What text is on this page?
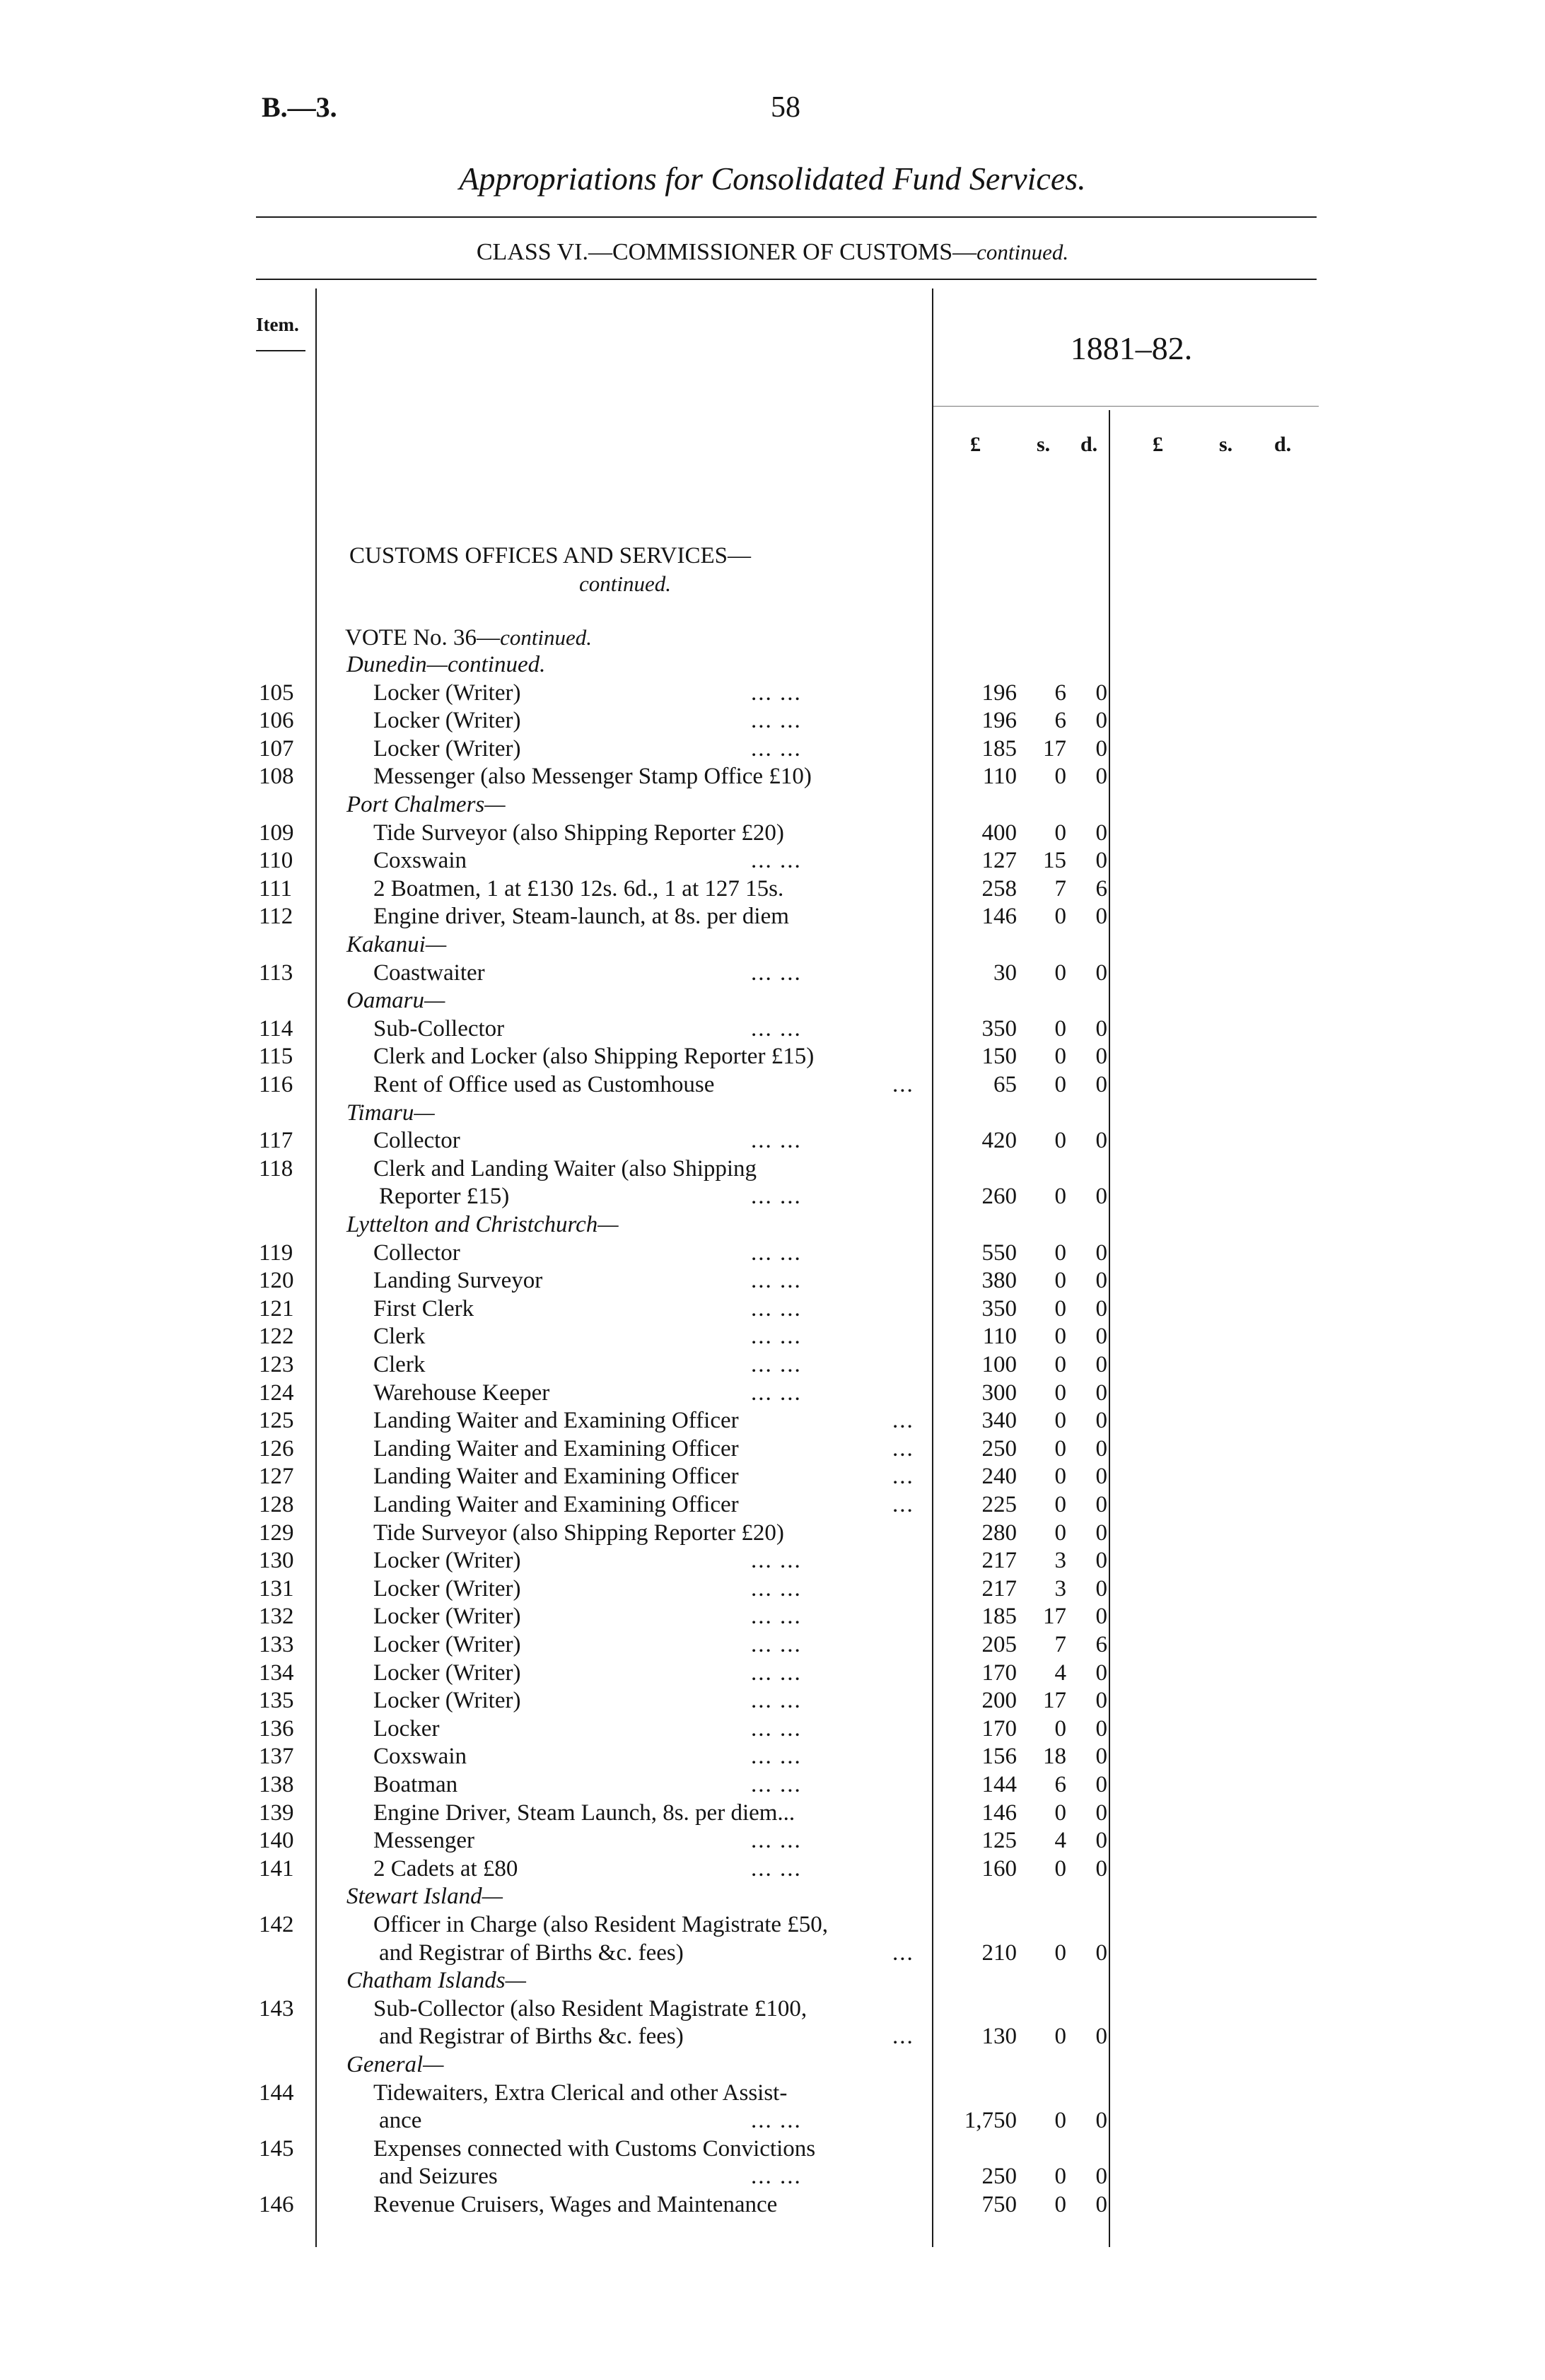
B.—3.	58
Appropriations for Consolidated Fund Services.
CLASS VI.—COMMISSIONER OF CUSTOMS—continued.
Item.
1881–82.
£	s. d.	£	s. d.
CUSTOMS OFFICES AND SERVICES—
continued.
VOTE No. 36—continued.
Dunedin—continued.
105	Locker (Writer)	... ...	196	6	0
106	Locker (Writer)	... ...	196	6	0
107	Locker (Writer)	... ...	185	17	0
108	Messenger (also Messenger Stamp Office £10)	110	0	0
Port Chalmers—
109	Tide Surveyor (also Shipping Reporter £20)	400	0	0
110	Coxswain	... ...	127	15	0
111	2 Boatmen, 1 at £130 12s. 6d., 1 at 127 15s.	258	7	6
112	Engine driver, Steam-launch, at 8s. per diem	146	0	0
Kakanui—
113	Coastwaiter	... ...	30	0	0
Oamaru—
114	Sub-Collector	... ...	350	0	0
115	Clerk and Locker (also Shipping Reporter £15)	150	0	0
116	Rent of Office used as Customhouse	...	65	0	0
Timaru—
117	Collector	... ...	420	0	0
118	Clerk and Landing Waiter (also Shipping
Reporter £15)	... ...	260	0	0
Lyttelton and Christchurch—
119	Collector	... ...	550	0	0
120	Landing Surveyor	... ...	380	0	0
121	First Clerk	... ...	350	0	0
122	Clerk	... ...	110	0	0
123	Clerk	... ...	100	0	0
124	Warehouse Keeper	... ...	300	0	0
125	Landing Waiter and Examining Officer	...	340	0	0
126	Landing Waiter and Examining Officer	...	250	0	0
127	Landing Waiter and Examining Officer	...	240	0	0
128	Landing Waiter and Examining Officer	...	225	0	0
129	Tide Surveyor (also Shipping Reporter £20)	280	0	0
130	Locker (Writer)	... ...	217	3	0
131	Locker (Writer)	... ...	217	3	0
132	Locker (Writer)	... ...	185	17	0
133	Locker (Writer)	... ...	205	7	6
134	Locker (Writer)	... ...	170	4	0
135	Locker (Writer)	... ...	200	17	0
136	Locker	... ...	170	0	0
137	Coxswain	... ...	156	18	0
138	Boatman	... ...	144	6	0
139	Engine Driver, Steam Launch, 8s. per diem...	146	0	0
140	Messenger	... ...	125	4	0
141	2 Cadets at £80	... ...	160	0	0
Stewart Island—
142	Officer in Charge (also Resident Magistrate £50,
and Registrar of Births &c. fees)	...	210	0	0
Chatham Islands—
143	Sub-Collector (also Resident Magistrate £100,
and Registrar of Births &c. fees)	...	130	0	0
General—
144	Tidewaiters, Extra Clerical and other Assist-
ance	... ...	1,750	0	0
145	Expenses connected with Customs Convictions
and Seizures	... ...	250	0	0
146	Revenue Cruisers, Wages and Maintenance	750	0	0
